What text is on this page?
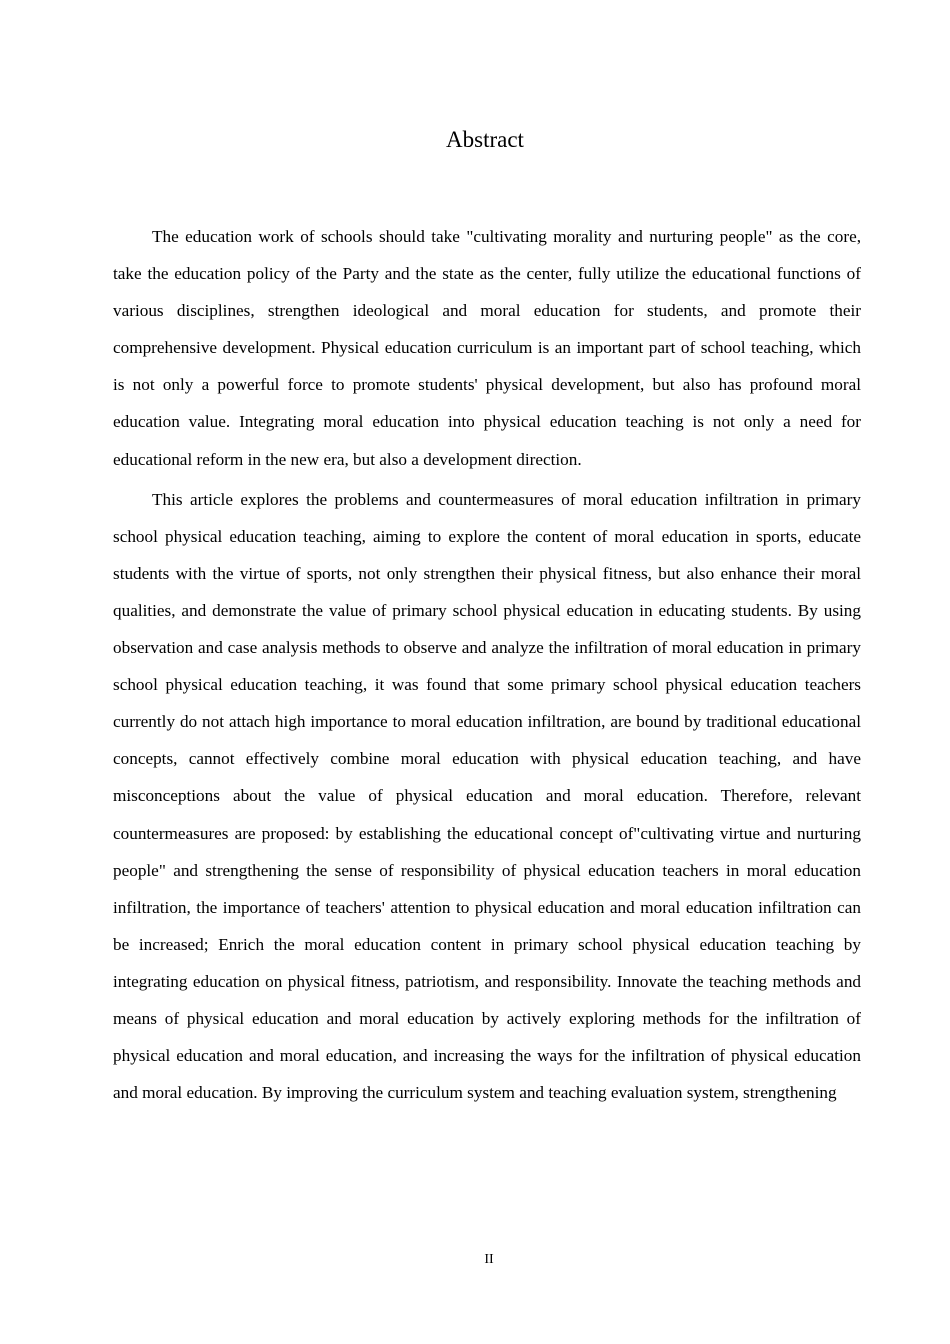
Abstract

The education work of schools should take "cultivating morality and nurturing people" as the core, take the education policy of the Party and the state as the center, fully utilize the educational functions of various disciplines, strengthen ideological and moral education for students, and promote their comprehensive development. Physical education curriculum is an important part of school teaching, which is not only a powerful force to promote students' physical development, but also has profound moral education value. Integrating moral education into physical education teaching is not only a need for educational reform in the new era, but also a development direction.

This article explores the problems and countermeasures of moral education infiltration in primary school physical education teaching, aiming to explore the content of moral education in sports, educate students with the virtue of sports, not only strengthen their physical fitness, but also enhance their moral qualities, and demonstrate the value of primary school physical education in educating students. By using observation and case analysis methods to observe and analyze the infiltration of moral education in primary school physical education teaching, it was found that some primary school physical education teachers currently do not attach high importance to moral education infiltration, are bound by traditional educational concepts, cannot effectively combine moral education with physical education teaching, and have misconceptions about the value of physical education and moral education. Therefore, relevant countermeasures are proposed: by establishing the educational concept of"cultivating virtue and nurturing people" and strengthening the sense of responsibility of physical education teachers in moral education infiltration, the importance of teachers' attention to physical education and moral education infiltration can be increased; Enrich the moral education content in primary school physical education teaching by integrating education on physical fitness, patriotism, and responsibility. Innovate the teaching methods and means of physical education and moral education by actively exploring methods for the infiltration of physical education and moral education, and increasing the ways for the infiltration of physical education and moral education. By improving the curriculum system and teaching evaluation system, strengthening

II
